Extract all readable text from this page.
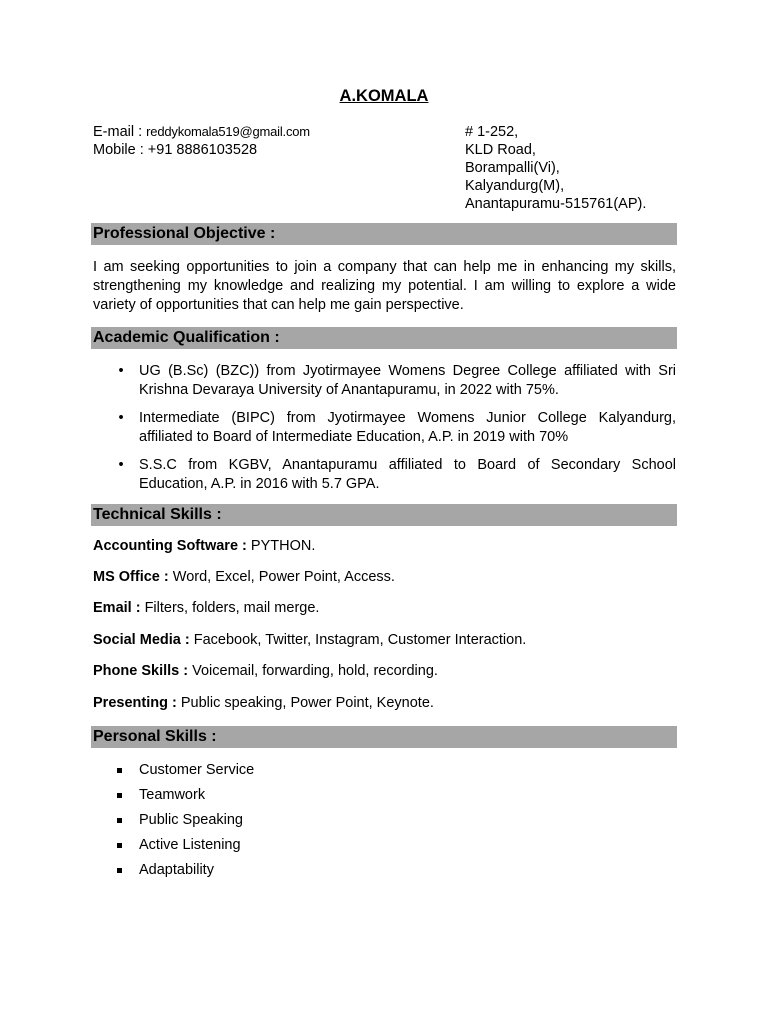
A.KOMALA
E-mail : reddykomala519@gmail.com
Mobile : +91 8886103528
# 1-252,
KLD Road,
Borampalli(Vi),
Kalyandurg(M),
Anantapuramu-515761(AP).
Professional Objective :
I am seeking opportunities to join a company that can help me in enhancing my skills, strengthening my knowledge and realizing my potential. I am willing to explore a wide variety of opportunities that can help me gain perspective.
Academic Qualification :
• UG (B.Sc) (BZC)) from Jyotirmayee Womens Degree College affiliated with Sri Krishna Devaraya University of Anantapuramu, in 2022 with 75%.
• Intermediate (BIPC) from Jyotirmayee Womens Junior College Kalyandurg, affiliated to Board of Intermediate Education, A.P. in 2019 with 70%
• S.S.C from KGBV, Anantapuramu affiliated to Board of Secondary School Education, A.P. in 2016 with 5.7 GPA.
Technical Skills :
Accounting Software : PYTHON.
MS Office : Word, Excel, Power Point, Access.
Email : Filters, folders, mail merge.
Social Media : Facebook, Twitter, Instagram, Customer Interaction.
Phone Skills : Voicemail, forwarding, hold, recording.
Presenting : Public speaking, Power Point, Keynote.
Personal Skills :
Customer Service
Teamwork
Public Speaking
Active Listening
Adaptability
